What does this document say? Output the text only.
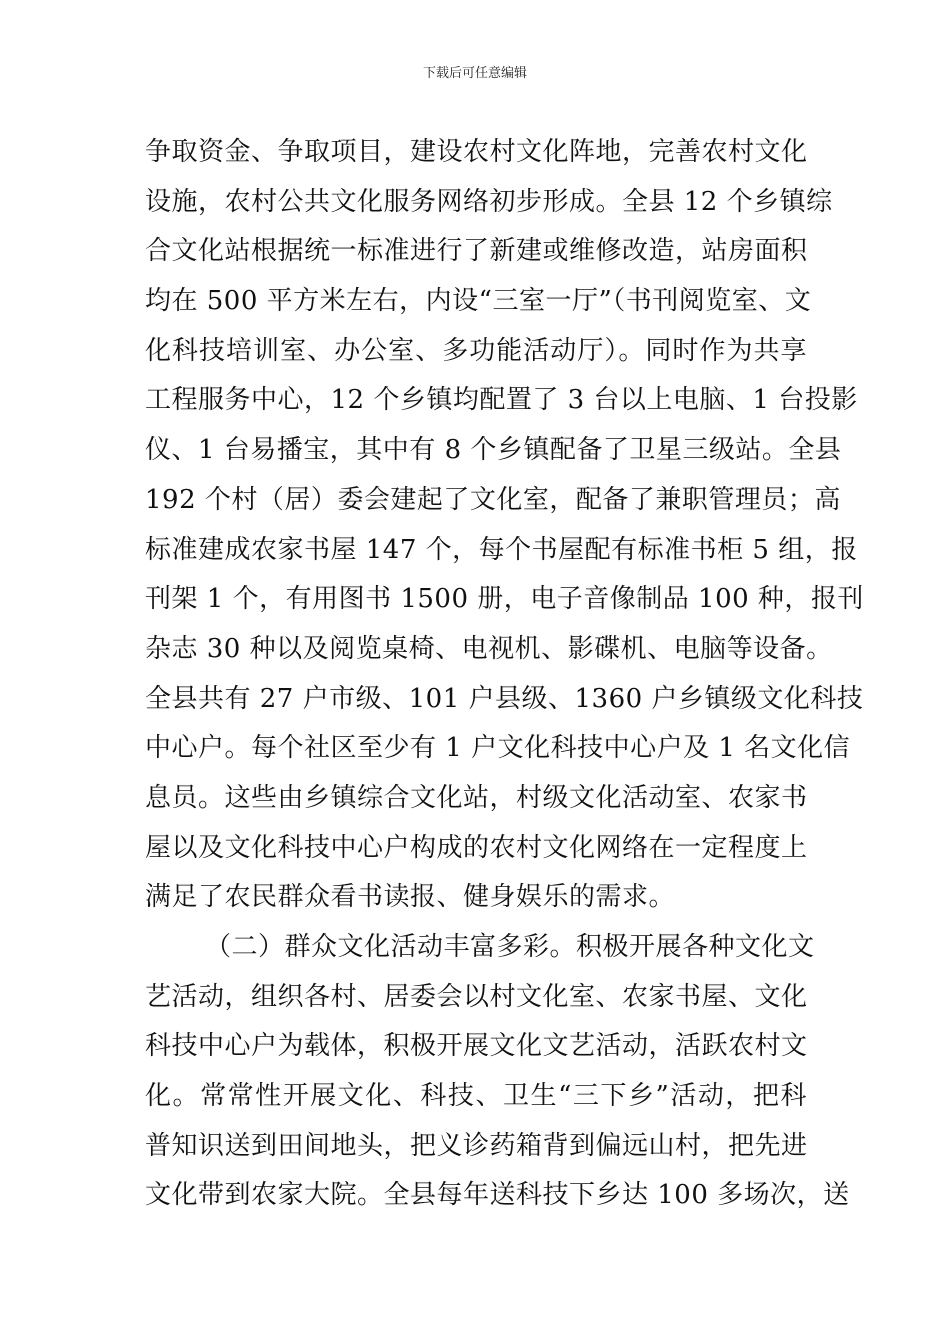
下载后可任意编辑
争取资金、争取项目，建设农村文化阵地，完善农村文化
设施，农村公共文化服务网络初步形成。全县 12 个乡镇综
合文化站根据统一标准进行了新建或维修改造，站房面积
均在 500 平方米左右，内设“三室一厅”（书刊阅览室、文
化科技培训室、办公室、多功能活动厅）。同时作为共享
工程服务中心，12 个乡镇均配置了 3 台以上电脑、1 台投影
仪、1 台易播宝，其中有 8 个乡镇配备了卫星三级站。全县
192 个村（居）委会建起了文化室，配备了兼职管理员；高
标准建成农家书屋 147 个，每个书屋配有标准书柜 5 组，报
刊架 1 个，有用图书 1500 册，电子音像制品 100 种，报刊
杂志 30 种以及阅览桌椅、电视机、影碟机、电脑等设备。
全县共有 27 户市级、101 户县级、1360 户乡镇级文化科技
中心户。每个社区至少有 1 户文化科技中心户及 1 名文化信
息员。这些由乡镇综合文化站，村级文化活动室、农家书
屋以及文化科技中心户构成的农村文化网络在一定程度上
满足了农民群众看书读报、健身娱乐的需求。
（二）群众文化活动丰富多彩。积极开展各种文化文
艺活动，组织各村、居委会以村文化室、农家书屋、文化
科技中心户为载体，积极开展文化文艺活动，活跃农村文
化。常常性开展文化、科技、卫生“三下乡”活动，把科
普知识送到田间地头，把义诊药箱背到偏远山村，把先进
文化带到农家大院。全县每年送科技下乡达 100 多场次，送
